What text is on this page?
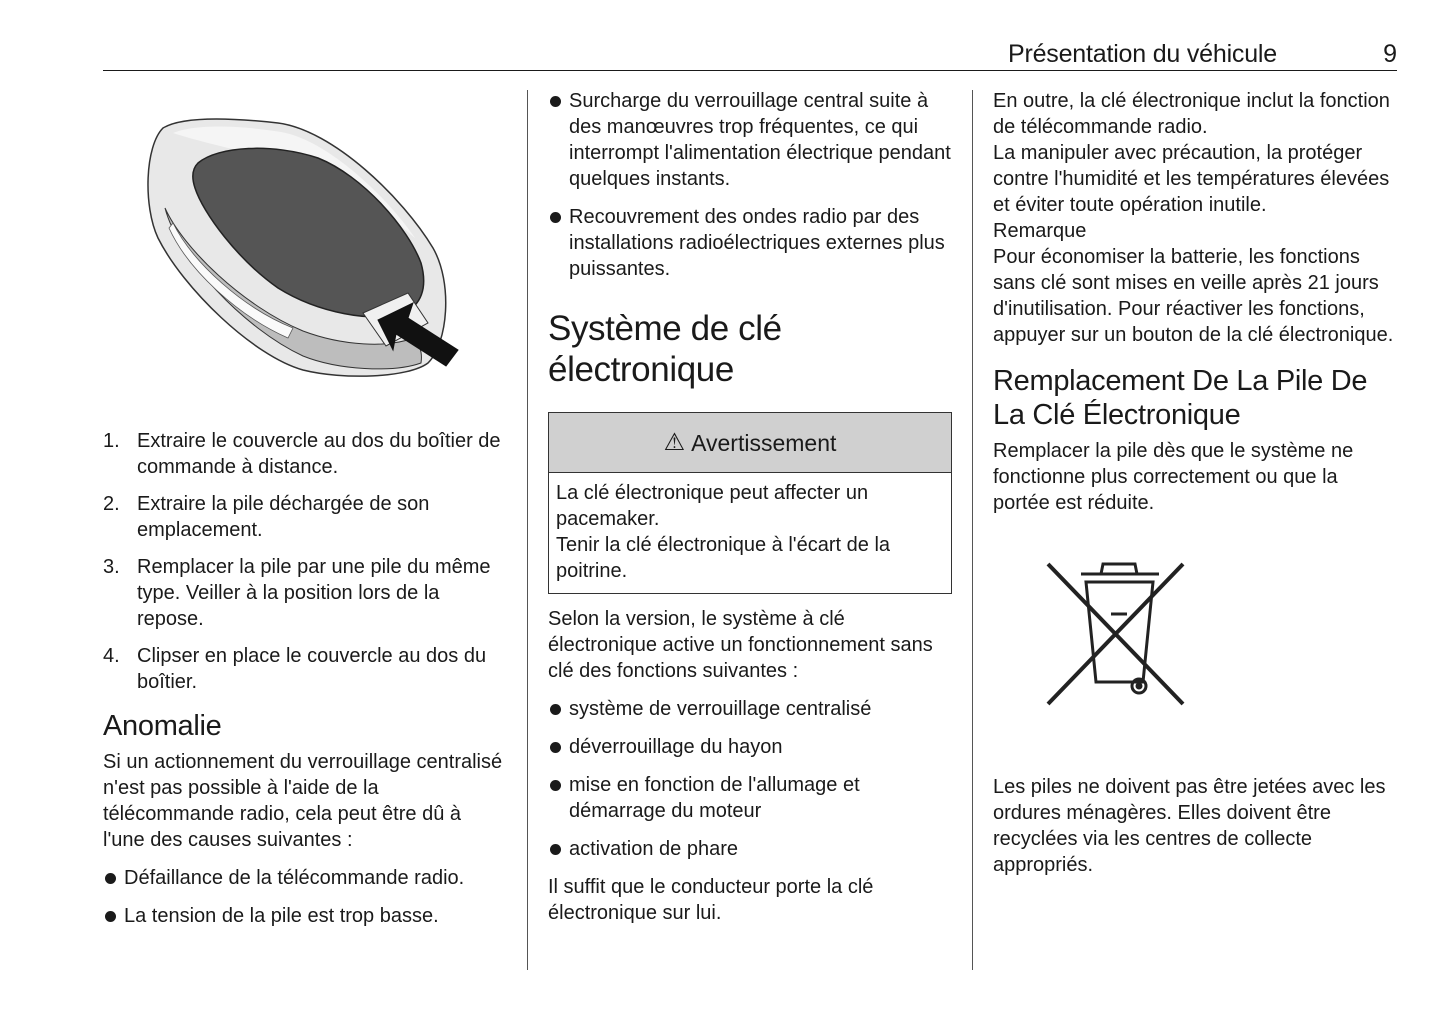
Présentation du véhicule	9
1. Extraire le couvercle au dos du boîtier de commande à distance.
2. Extraire la pile déchargée de son emplacement.
3. Remplacer la pile par une pile du même type. Veiller à la position lors de la repose.
4. Clipser en place le couvercle au dos du boîtier.
Anomalie

Si un actionnement du verrouillage centralisé n'est pas possible à l'aide de la télécommande radio, cela peut être dû à l'une des causes suivantes :

Défaillance de la télécommande radio.
La tension de la pile est trop basse.
Surcharge du verrouillage central suite à des manœuvres trop fréquentes, ce qui interrompt l'alimentation électrique pendant quelques instants.
Recouvrement des ondes radio par des installations radioélectriques externes plus puissantes.
Système de clé électronique
⚠ Avertissement

La clé électronique peut affecter un pacemaker.

Tenir la clé électronique à l'écart de la poitrine.

Selon la version, le système à clé électronique active un fonctionnement sans clé des fonctions suivantes :

système de verrouillage centralisé
déverrouillage du hayon
mise en fonction de l'allumage et démarrage du moteur
activation de phare

Il suffit que le conducteur porte la clé électronique sur lui.

En outre, la clé électronique inclut la fonction de télécommande radio.

La manipuler avec précaution, la protéger contre l'humidité et les températures élevées et éviter toute opération inutile.

Remarque

Pour économiser la batterie, les fonctions sans clé sont mises en veille après 21 jours d'inutilisation. Pour réactiver les fonctions, appuyer sur un bouton de la clé électronique.

Remplacement De La Pile De La Clé Électronique

Remplacer la pile dès que le système ne fonctionne plus correctement ou que la portée est réduite.

Les piles ne doivent pas être jetées avec les ordures ménagères. Elles doivent être recyclées via les centres de collecte appropriés.
